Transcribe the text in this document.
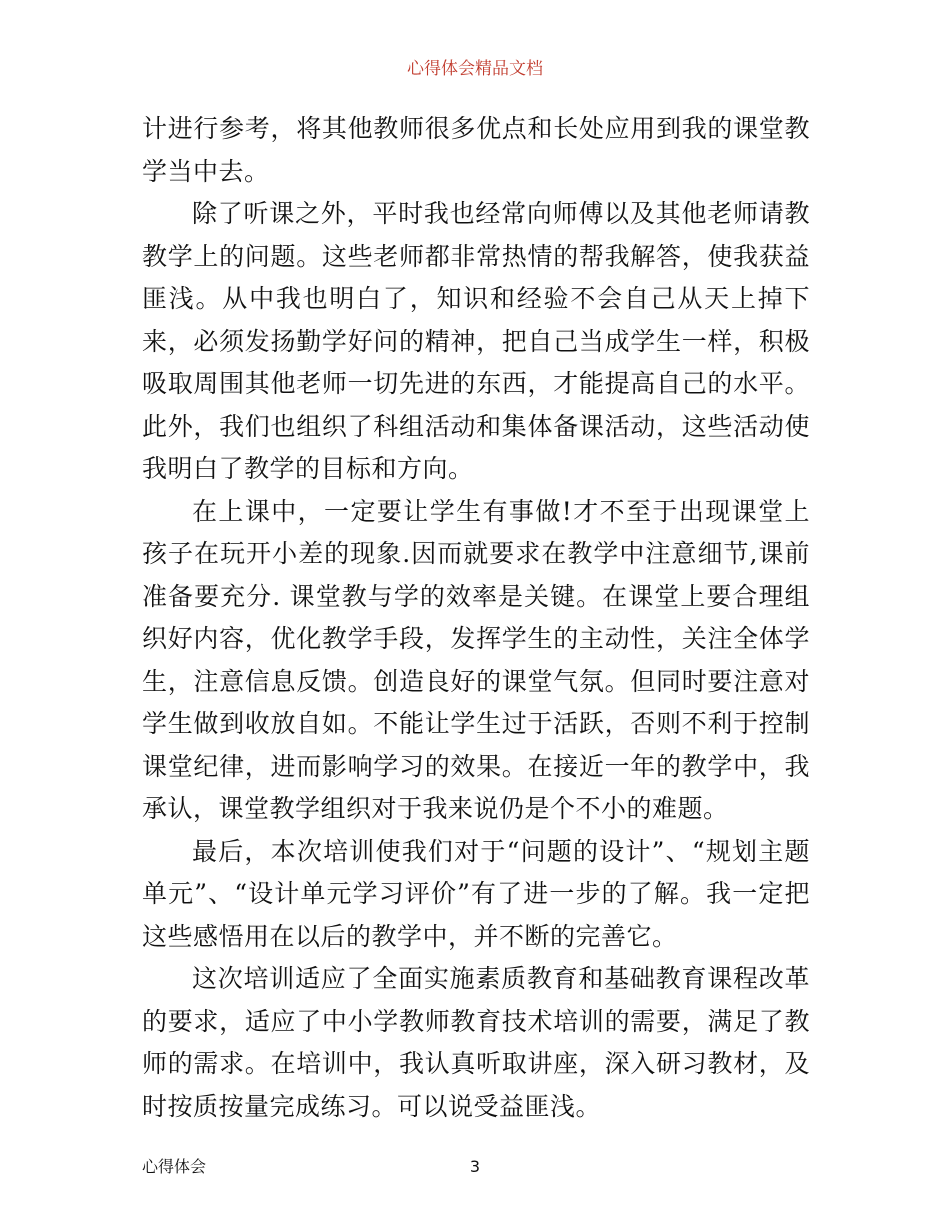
心得体会精品文档

计进行参考，将其他教师很多优点和长处应用到我的课堂教学当中去。

除了听课之外，平时我也经常向师傅以及其他老师请教教学上的问题。这些老师都非常热情的帮我解答，使我获益匪浅。从中我也明白了，知识和经验不会自己从天上掉下来，必须发扬勤学好问的精神，把自己当成学生一样，积极吸取周围其他老师一切先进的东西，才能提高自己的水平。此外，我们也组织了科组活动和集体备课活动，这些活动使我明白了教学的目标和方向。

在上课中，一定要让学生有事做!才不至于出现课堂上孩子在玩开小差的现象.因而就要求在教学中注意细节,课前准备要充分. 课堂教与学的效率是关键。在课堂上要合理组织好内容，优化教学手段，发挥学生的主动性，关注全体学生，注意信息反馈。创造良好的课堂气氛。但同时要注意对学生做到收放自如。不能让学生过于活跃，否则不利于控制课堂纪律，进而影响学习的效果。在接近一年的教学中，我承认，课堂教学组织对于我来说仍是个不小的难题。

最后，本次培训使我们对于“问题的设计”、“规划主题单元”、“设计单元学习评价”有了进一步的了解。我一定把这些感悟用在以后的教学中，并不断的完善它。

这次培训适应了全面实施素质教育和基础教育课程改革的要求，适应了中小学教师教育技术培训的需要，满足了教师的需求。在培训中，我认真听取讲座，深入研习教材，及时按质按量完成练习。可以说受益匪浅。

心得体会	3
